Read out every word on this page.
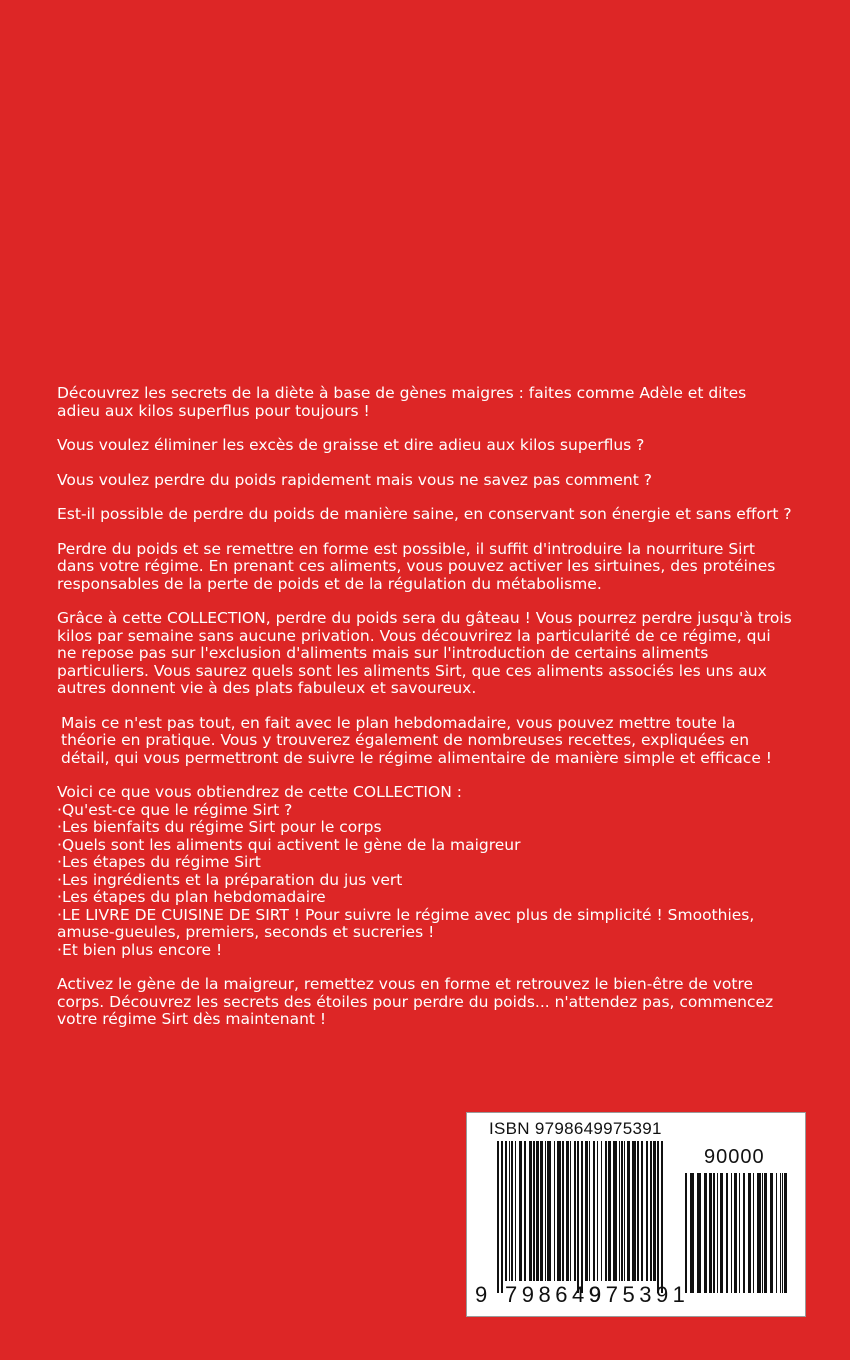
Découvrez les secrets de la diète à base de gènes maigres : faites comme Adèle et dites adieu aux kilos superflus pour toujours !

Vous voulez éliminer les excès de graisse et dire adieu aux kilos superflus ?

Vous voulez perdre du poids rapidement mais vous ne savez pas comment ?

Est-il possible de perdre du poids de manière saine, en conservant son énergie et sans effort ?

Perdre du poids et se remettre en forme est possible, il suffit d'introduire la nourriture Sirt dans votre régime. En prenant ces aliments, vous pouvez activer les sirtuines, des protéines responsables de la perte de poids et de la régulation du métabolisme.

Grâce à cette COLLECTION, perdre du poids sera du gâteau ! Vous pourrez perdre jusqu'à trois kilos par semaine sans aucune privation. Vous découvrirez la particularité de ce régime, qui ne repose pas sur l'exclusion d'aliments mais sur l'introduction de certains aliments particuliers. Vous saurez quels sont les aliments Sirt, que ces aliments associés les uns aux autres donnent vie à des plats fabuleux et savoureux.

Mais ce n'est pas tout, en fait avec le plan hebdomadaire, vous pouvez mettre toute la théorie en pratique. Vous y trouverez également de nombreuses recettes, expliquées en détail, qui vous permettront de suivre le régime alimentaire de manière simple et efficace !

Voici ce que vous obtiendrez de cette COLLECTION :

·Qu'est-ce que le régime Sirt ?
·Les bienfaits du régime Sirt pour le corps
·Quels sont les aliments qui activent le gène de la maigreur
·Les étapes du régime Sirt
·Les ingrédients et la préparation du jus vert
·Les étapes du plan hebdomadaire
·LE LIVRE DE CUISINE DE SIRT ! Pour suivre le régime avec plus de simplicité ! Smoothies, amuse-gueules, premiers, seconds et sucreries !
·Et bien plus encore !

Activez le gène de la maigreur, remettez vous en forme et retrouvez le bien-être de votre corps. Découvrez les secrets des étoiles pour perdre du poids... n'attendez pas, commencez votre régime Sirt dès maintenant !

ISBN 9798649975391
90000
9 798649
975391
